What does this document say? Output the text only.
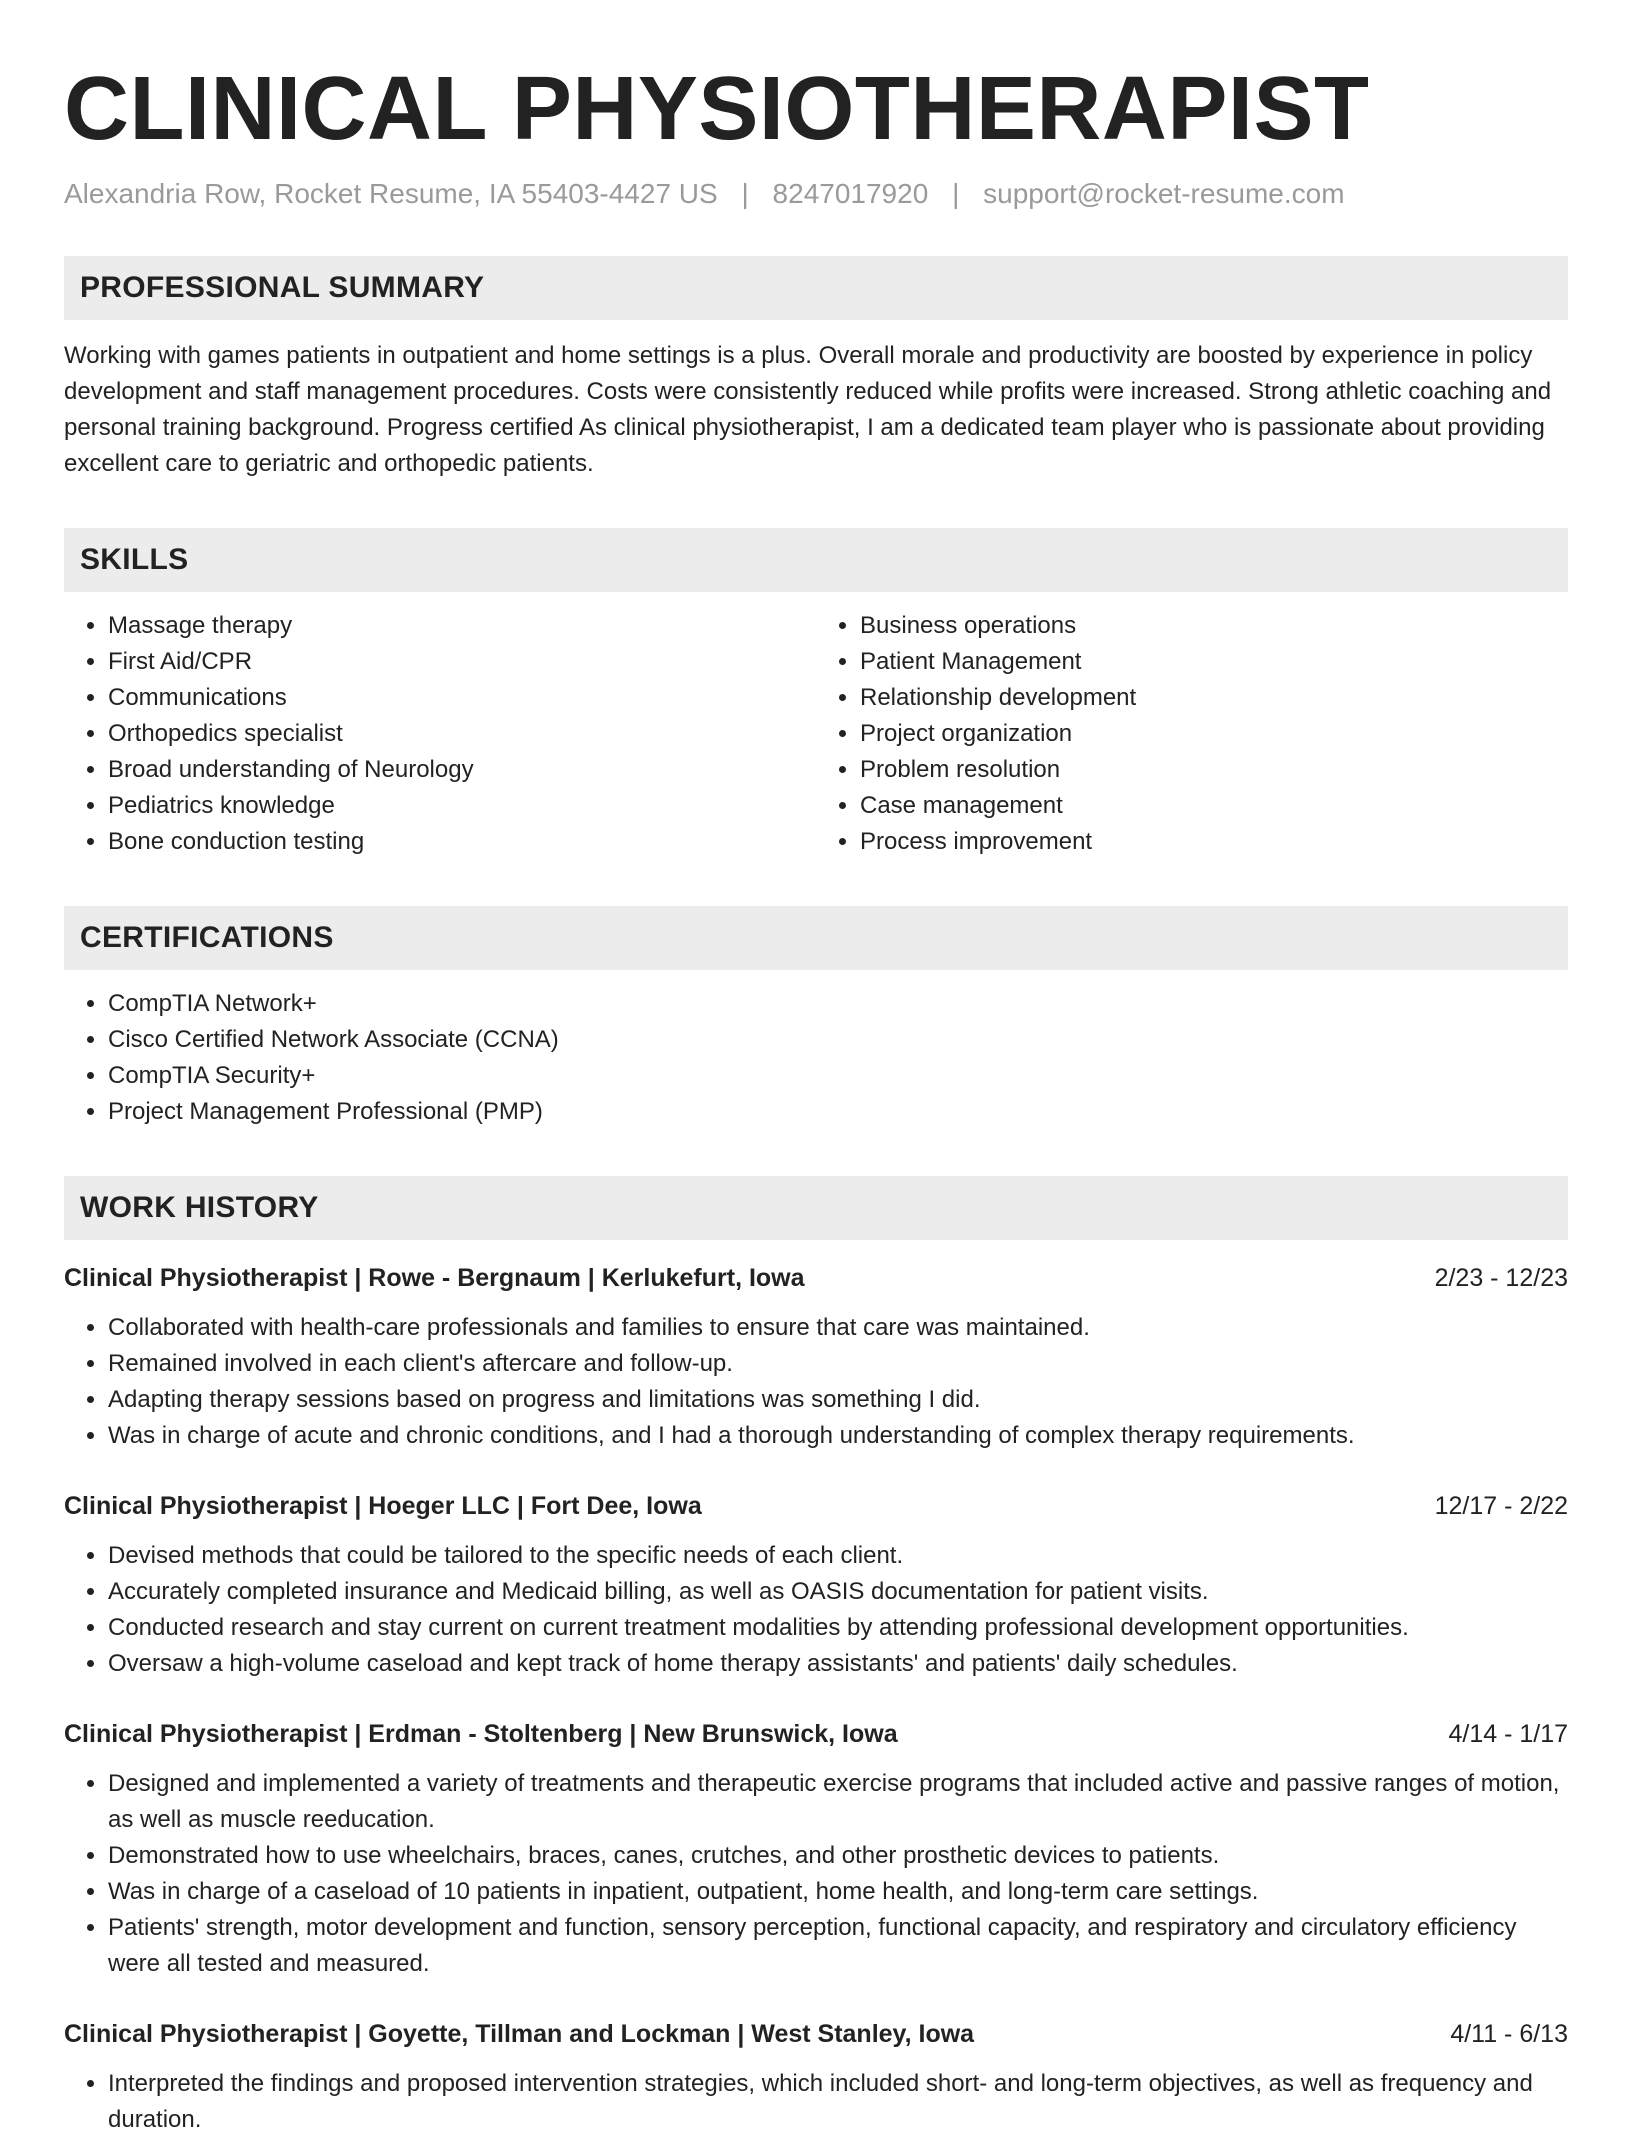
CLINICAL PHYSIOTHERAPIST
Alexandria Row, Rocket Resume, IA 55403-4427 US | 8247017920 | support@rocket-resume.com
PROFESSIONAL SUMMARY

Working with games patients in outpatient and home settings is a plus. Overall morale and productivity are boosted by experience in policy development and staff management procedures. Costs were consistently reduced while profits were increased. Strong athletic coaching and personal training background. Progress certified As clinical physiotherapist, I am a dedicated team player who is passionate about providing excellent care to geriatric and orthopedic patients.

SKILLS
• Massage therapy
• First Aid/CPR
• Communications
• Orthopedics specialist
• Broad understanding of Neurology
• Pediatrics knowledge
• Bone conduction testing
• Business operations
• Patient Management
• Relationship development
• Project organization
• Problem resolution
• Case management
• Process improvement
CERTIFICATIONS
• CompTIA Network+
• Cisco Certified Network Associate (CCNA)
• CompTIA Security+
• Project Management Professional (PMP)
WORK HISTORY
Clinical Physiotherapist | Rowe - Bergnaum | Kerlukefurt, Iowa	2/23 - 12/23
• Collaborated with health-care professionals and families to ensure that care was maintained.
• Remained involved in each client's aftercare and follow-up.
• Adapting therapy sessions based on progress and limitations was something I did.
• Was in charge of acute and chronic conditions, and I had a thorough understanding of complex therapy requirements.
Clinical Physiotherapist | Hoeger LLC | Fort Dee, Iowa	12/17 - 2/22
• Devised methods that could be tailored to the specific needs of each client.
• Accurately completed insurance and Medicaid billing, as well as OASIS documentation for patient visits.
• Conducted research and stay current on current treatment modalities by attending professional development opportunities.
• Oversaw a high-volume caseload and kept track of home therapy assistants' and patients' daily schedules.
Clinical Physiotherapist | Erdman - Stoltenberg | New Brunswick, Iowa	4/14 - 1/17
• Designed and implemented a variety of treatments and therapeutic exercise programs that included active and passive ranges of motion, as well as muscle reeducation.
• Demonstrated how to use wheelchairs, braces, canes, crutches, and other prosthetic devices to patients.
• Was in charge of a caseload of 10 patients in inpatient, outpatient, home health, and long-term care settings.
• Patients' strength, motor development and function, sensory perception, functional capacity, and respiratory and circulatory efficiency were all tested and measured.
Clinical Physiotherapist | Goyette, Tillman and Lockman | West Stanley, Iowa	4/11 - 6/13
• Interpreted the findings and proposed intervention strategies, which included short- and long-term objectives, as well as frequency and duration.
